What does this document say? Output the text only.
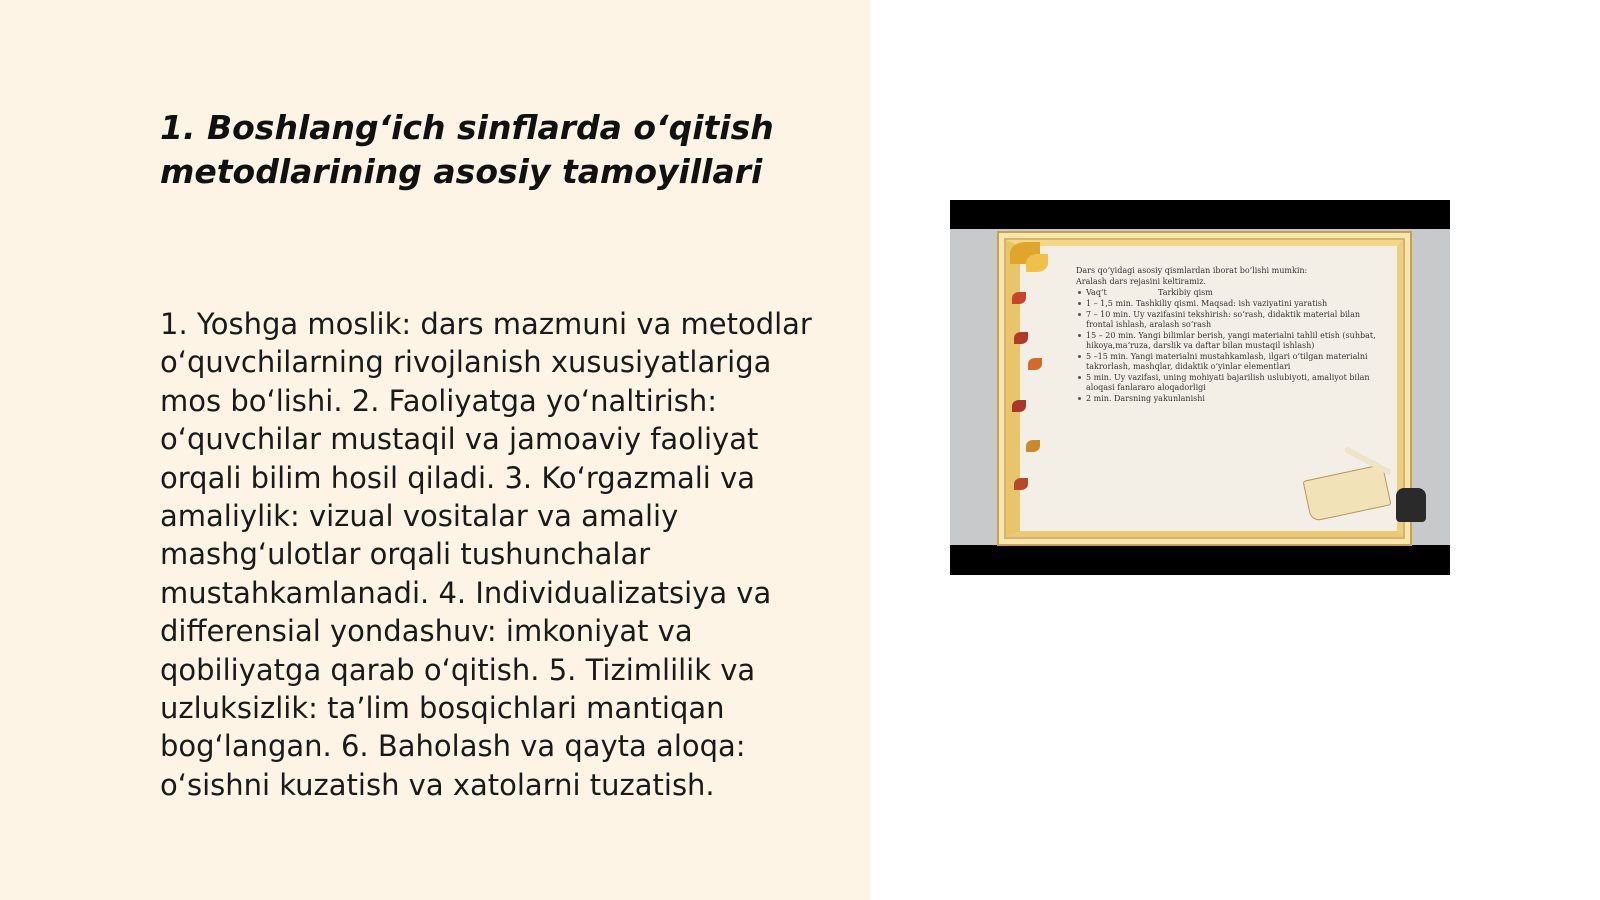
1. Boshlang‘ich sinflarda o‘qitish metodlarining asosiy tamoyillari

1. Yoshga moslik: dars mazmuni va metodlar o‘quvchilarning rivojlanish xususiyatlariga mos bo‘lishi. 2. Faoliyatga yo‘naltirish: o‘quvchilar mustaqil va jamoaviy faoliyat orqali bilim hosil qiladi. 3. Ko‘rgazmali va amaliylik: vizual vositalar va amaliy mashg‘ulotlar orqali tushunchalar mustahkamlanadi. 4. Individualizatsiya va differensial yondashuv: imkoniyat va qobiliyatga qarab o‘qitish. 5. Tizimlilik va uzluksizlik: ta’lim bosqichlari mantiqan bog‘langan. 6. Baholash va qayta aloqa: o‘sishni kuzatish va xatolarni tuzatish.

Dars qo‘yidagi asosiy qismlardan iborat bo‘lishi mumkin:
Aralash dars rejasini keltiramiz.
Vaq‘t	Tarkibiy qism
1 – 1,5 min. Tashkiliy qismi. Maqsad: ish vaziyatini yaratish
7 – 10 min. Uy vazifasini tekshirish: so‘rash, didaktik material bilan frontal ishlash, aralash so‘rash
15 – 20 min. Yangi bilimlar berish, yangi materialni tahlil etish (suhbat, hikoya,ma‘ruza, darslik va daftar bilan mustaqil ishlash)
5 –15 min. Yangi materialni mustahkamlash, ilgari o‘tilgan materialni takrorlash, mashqlar, didaktik o‘yinlar elementlari
5 min. Uy vazifasi, uning mohiyati bajarilish uslubiyoti, amaliyot bilan aloqasi fanlararo aloqadorligi
2 min. Darsning yakunlanishi
